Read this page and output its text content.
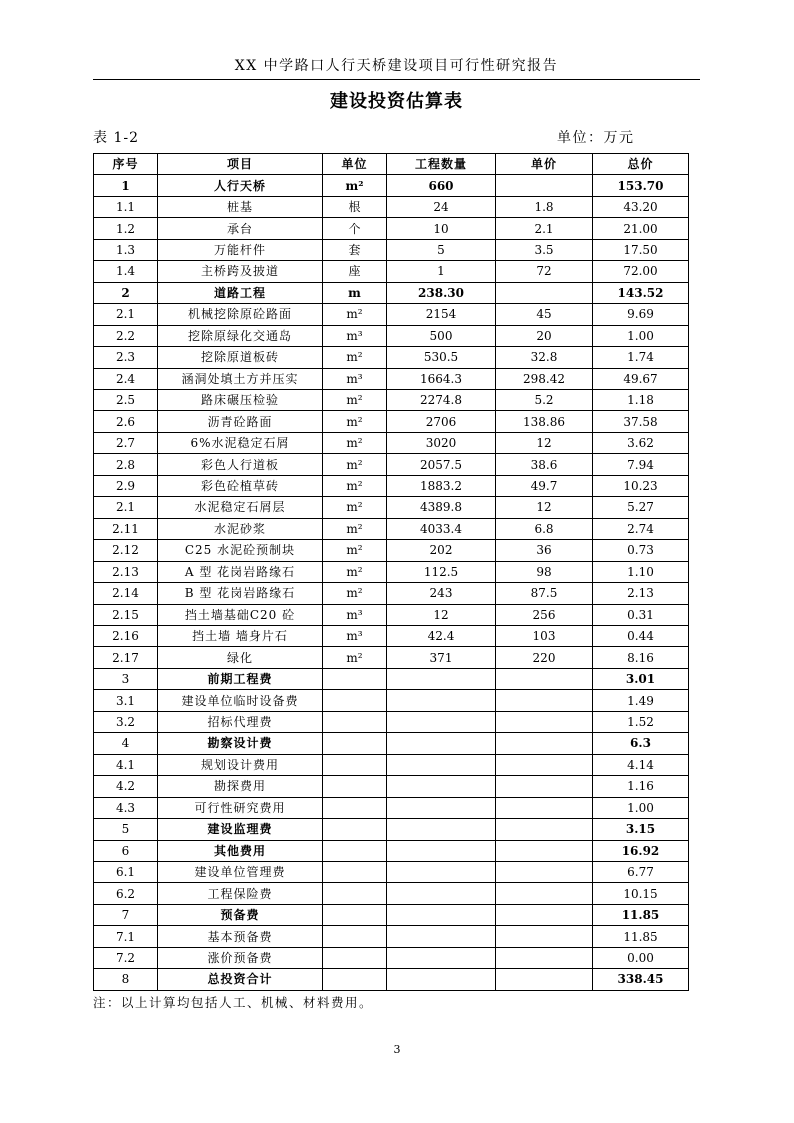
XX 中学路口人行天桥建设项目可行性研究报告
建设投资估算表
表 1-2	单位：万元
序号	项目	单位	工程数量	单价	总价
1	人行天桥	m²	660		153.70
1.1	桩基	根	24	1.8	43.20
1.2	承台	个	10	2.1	21.00
1.3	万能杆件	套	5	3.5	17.50
1.4	主桥跨及披道	座	1	72	72.00
2	道路工程	m	238.30		143.52
2.1	机械挖除原砼路面	m²	2154	45	9.69
2.2	挖除原绿化交通岛	m³	500	20	1.00
2.3	挖除原道板砖	m²	530.5	32.8	1.74
2.4	涵洞处填土方并压实	m³	1664.3	298.42	49.67
2.5	路床碾压检验	m²	2274.8	5.2	1.18
2.6	沥青砼路面	m²	2706	138.86	37.58
2.7	6%水泥稳定石屑	m²	3020	12	3.62
2.8	彩色人行道板	m²	2057.5	38.6	7.94
2.9	彩色砼植草砖	m²	1883.2	49.7	10.23
2.1	水泥稳定石屑层	m²	4389.8	12	5.27
2.11	水泥砂浆	m²	4033.4	6.8	2.74
2.12	C25 水泥砼预制块	m²	202	36	0.73
2.13	A 型 花岗岩路缘石	m²	112.5	98	1.10
2.14	B 型 花岗岩路缘石	m²	243	87.5	2.13
2.15	挡土墙基础C20 砼	m³	12	256	0.31
2.16	挡土墙 墙身片石	m³	42.4	103	0.44
2.17	绿化	m²	371	220	8.16
3	前期工程费				3.01
3.1	建设单位临时设备费				1.49
3.2	招标代理费				1.52
4	勘察设计费				6.3
4.1	规划设计费用				4.14
4.2	勘探费用				1.16
4.3	可行性研究费用				1.00
5	建设监理费				3.15
6	其他费用				16.92
6.1	建设单位管理费				6.77
6.2	工程保险费				10.15
7	预备费				11.85
7.1	基本预备费				11.85
7.2	涨价预备费				0.00
8	总投资合计				338.45
注：以上计算均包括人工、机械、材料费用。
3
